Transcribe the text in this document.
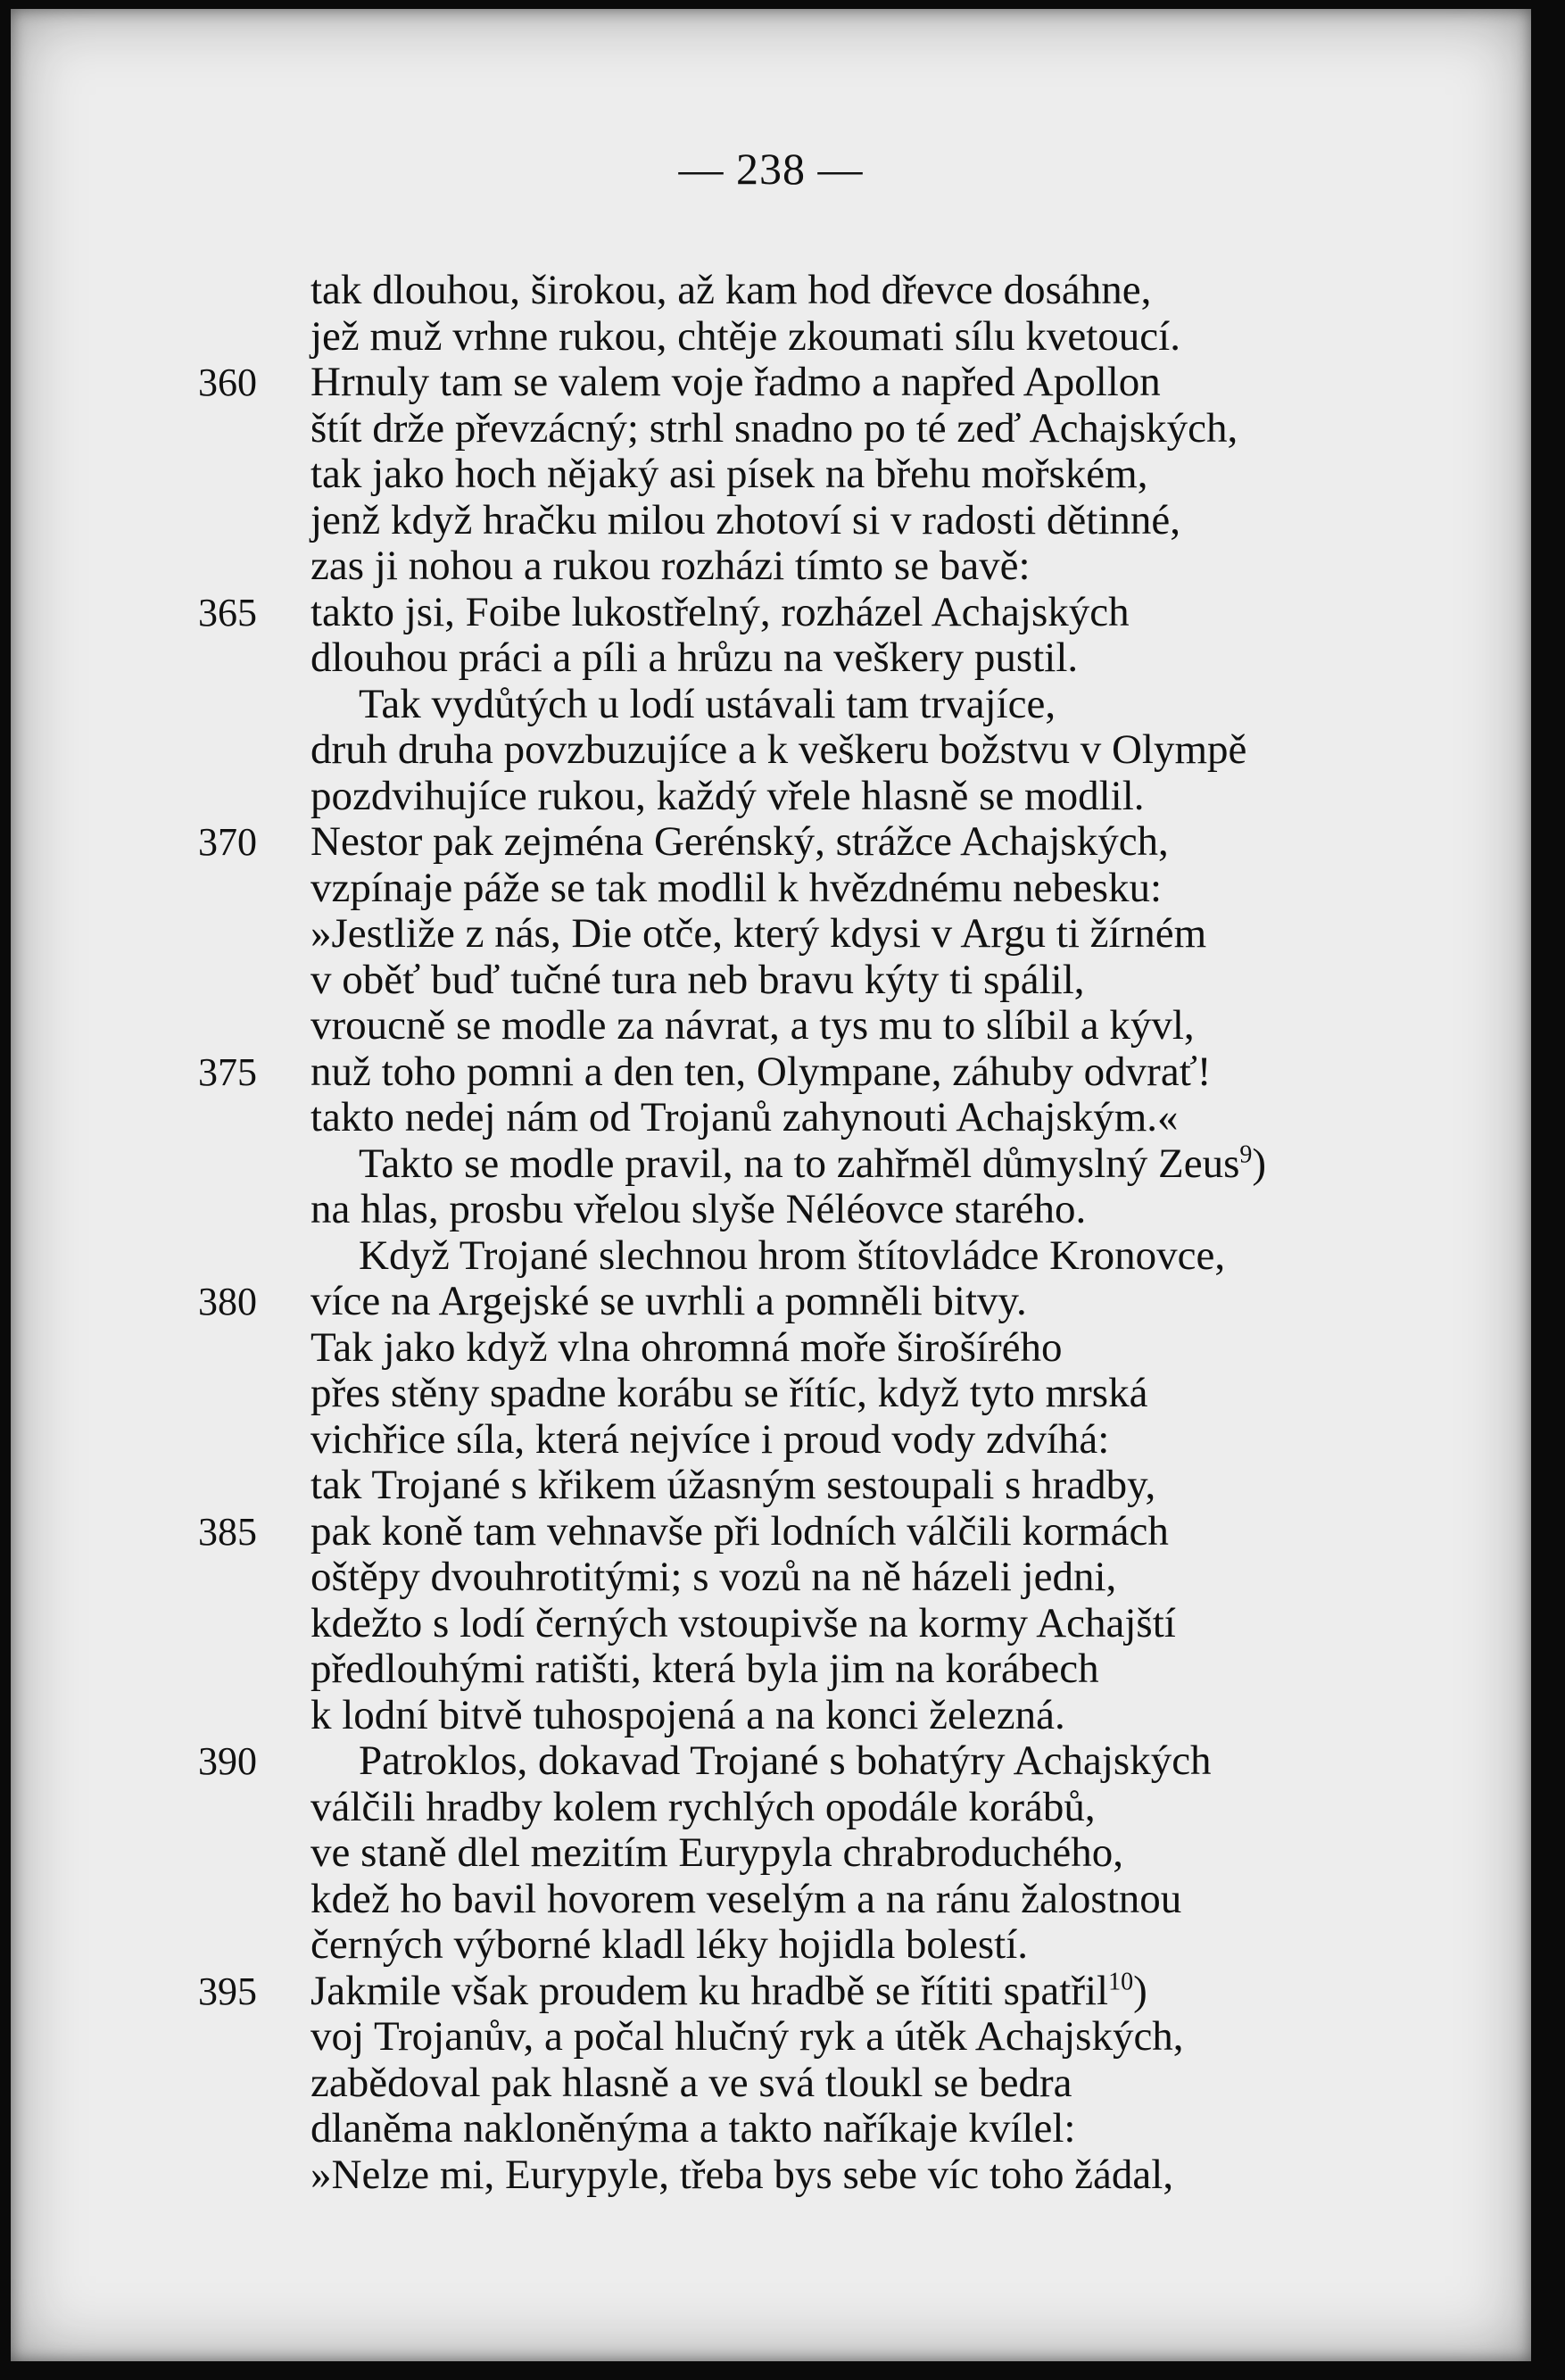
— 238 —
tak dlouhou, širokou, až kam hod dřevce dosáhne,
jež muž vrhne rukou, chtěje zkoumati sílu kvetoucí.
360	Hrnuly tam se valem voje řadmo a napřed Apollon
štít drže převzácný; strhl snadno po té zeď Achajských,
tak jako hoch nějaký asi písek na břehu mořském,
jenž když hračku milou zhotoví si v radosti dětinné,
zas ji nohou a rukou rozházi tímto se bavě:
365	takto jsi, Foibe lukostřelný, rozházel Achajských
dlouhou práci a píli a hrůzu na veškery pustil.
Tak vydůtých u lodí ustávali tam trvajíce,
druh druha povzbuzujíce a k veškeru božstvu v Olympě
pozdvihujíce rukou, každý vřele hlasně se modlil.
370	Nestor pak zejména Gerénský, strážce Achajských,
vzpínaje páže se tak modlil k hvězdnému nebesku:
»Jestliže z nás, Die otče, který kdysi v Argu ti žírném
v oběť buď tučné tura neb bravu kýty ti spálil,
vroucně se modle za návrat, a tys mu to slíbil a kývl,
375	nuž toho pomni a den ten, Olympane, záhuby odvrať!
takto nedej nám od Trojanů zahynouti Achajským.«
Takto se modle pravil, na to zahřměl důmyslný Zeus$^9$)
na hlas, prosbu vřelou slyše Néléovce starého.
Když Trojané slechnou hrom štítovládce Kronovce,
380	více na Argejské se uvrhli a pomněli bitvy.
Tak jako když vlna ohromná moře širošírého
přes stěny spadne korábu se řítíc, když tyto mrská
vichřice síla, která nejvíce i proud vody zdvíhá:
tak Trojané s křikem úžasným sestoupali s hradby,
385	pak koně tam vehnavše při lodních válčili kormách
oštěpy dvouhrotitými; s vozů na ně házeli jedni,
kdežto s lodí černých vstoupivše na kormy Achajští
předlouhými ratišti, která byla jim na korábech
k lodní bitvě tuhospojená a na konci železná.
390	Patroklos, dokavad Trojané s bohatýry Achajských
válčili hradby kolem rychlých opodále korábů,
ve staně dlel mezitím Eurypyla chrabroduchého,
kdež ho bavil hovorem veselým a na ránu žalostnou
černých výborné kladl léky hojidla bolestí.
395	Jakmile však proudem ku hradbě se řítiti spatřil$^{10}$)
voj Trojanův, a počal hlučný ryk a útěk Achajských,
zabědoval pak hlasně a ve svá tloukl se bedra
dlaněma nakloněnýma a takto naříkaje kvílel:
»Nelze mi, Eurypyle, třeba bys sebe víc toho žádal,
